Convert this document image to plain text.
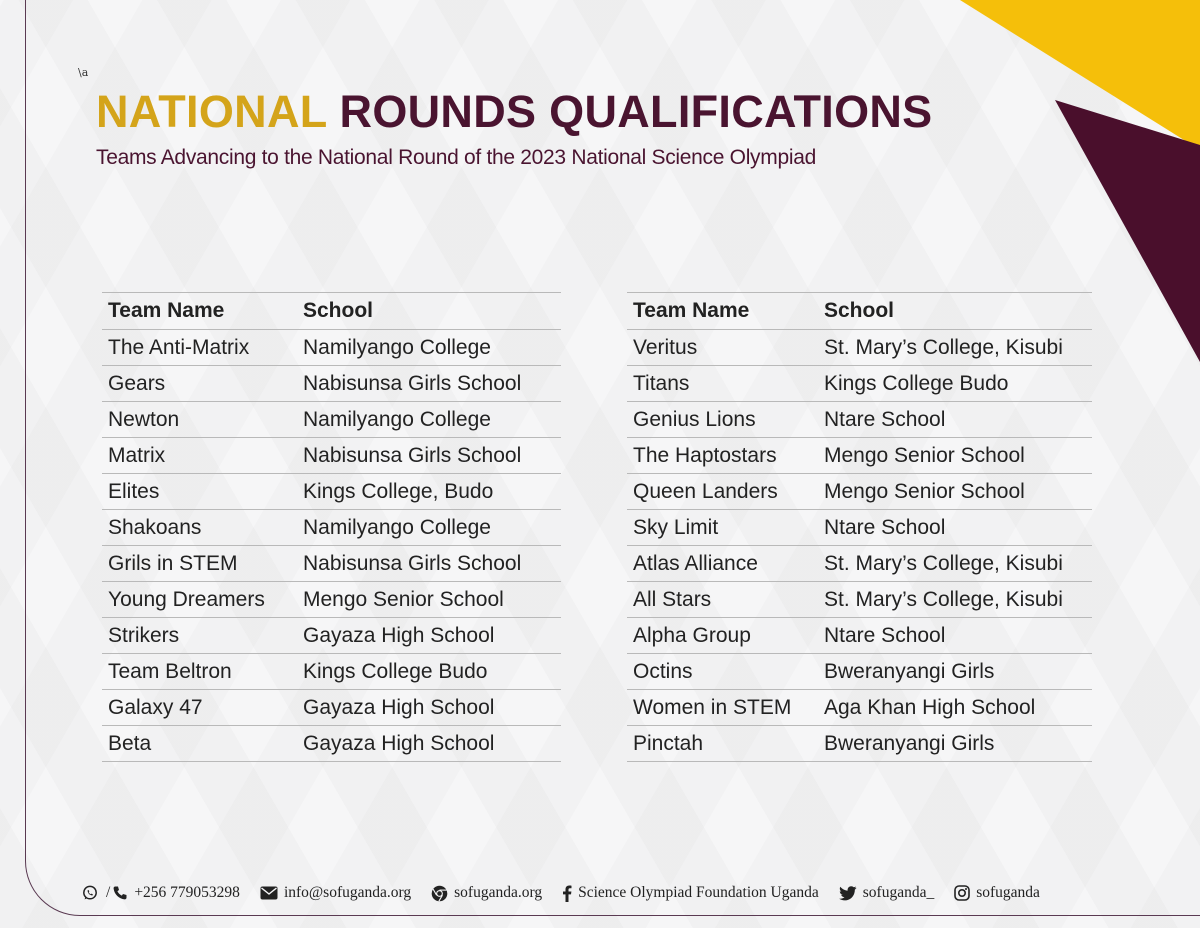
\a
NATIONAL ROUNDS QUALIFICATIONS

Teams Advancing to the National Round of the 2023 National Science Olympiad

Team Name	School
The Anti-Matrix	Namilyango College
Gears	Nabisunsa Girls School
Newton	Namilyango College
Matrix	Nabisunsa Girls School
Elites	Kings College, Budo
Shakoans	Namilyango College
Grils in STEM	Nabisunsa Girls School
Young Dreamers	Mengo Senior School
Strikers	Gayaza High School
Team Beltron	Kings College Budo
Galaxy 47	Gayaza High School
Beta	Gayaza High School
Team Name	School
Veritus	St. Mary’s College, Kisubi
Titans	Kings College Budo
Genius Lions	Ntare School
The Haptostars	Mengo Senior School
Queen Landers	Mengo Senior School
Sky Limit	Ntare School
Atlas Alliance	St. Mary’s College, Kisubi
All Stars	St. Mary’s College, Kisubi
Alpha Group	Ntare School
Octins	Bweranyangi Girls
Women in STEM	Aga Khan High School
Pinctah	Bweranyangi Girls
/ +256 779053298	info@sofuganda.org	sofuganda.org Science Olympiad Foundation Uganda	sofuganda_	sofuganda
